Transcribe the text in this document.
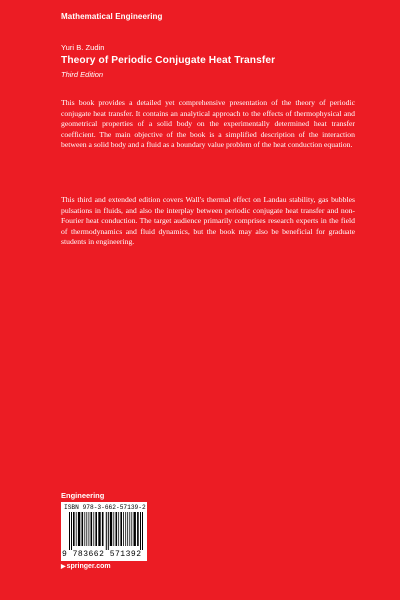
Mathematical Engineering
Yuri B. Zudin
Theory of Periodic Conjugate Heat Transfer
Third Edition

This book provides a detailed yet comprehensive presentation of the theory of periodic conjugate heat transfer. It contains an analytical approach to the effects of thermophysical and geometrical properties of a solid body on the experimentally determined heat transfer coefficient. The main objective of the book is a simplified description of the interaction between a solid body and a fluid as a boundary value problem of the heat conduction equation.

This third and extended edition covers Wall's thermal effect on Landau stability, gas bubbles pulsations in fluids, and also the interplay between periodic conjugate heat transfer and non-Fourier heat conduction. The target audience primarily comprises research experts in the field of thermodynamics and fluid dynamics, but the book may also be beneficial for graduate students in engineering.

Engineering
ISBN 978-3-662-57139-2
9 783662 571392
▶springer.com
